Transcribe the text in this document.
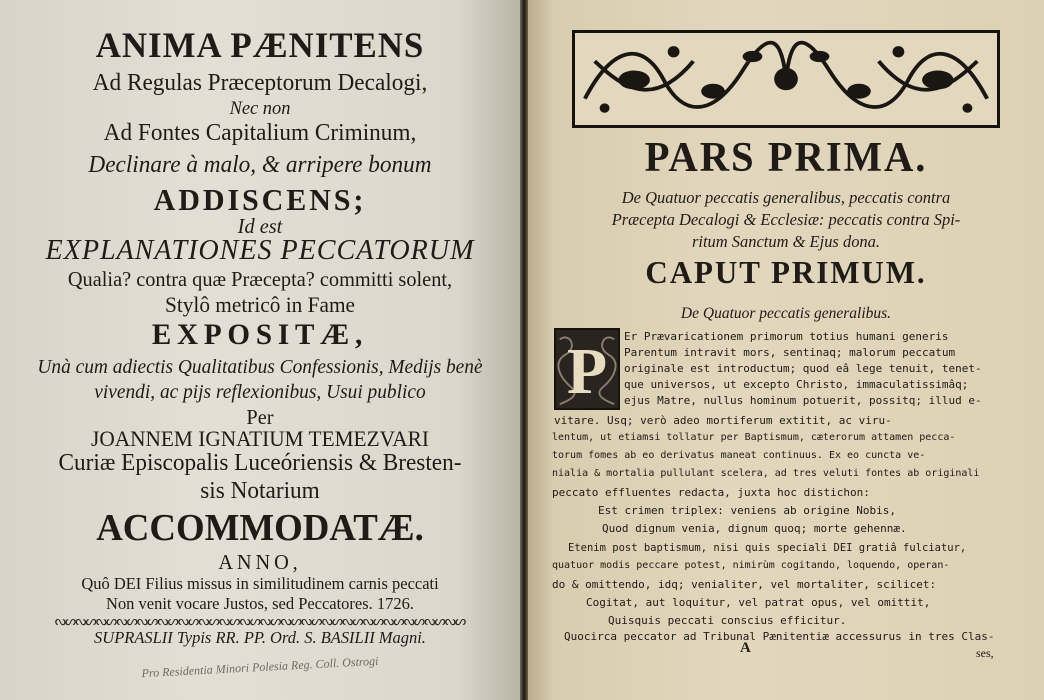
ANIMA PÆNITENS
Ad Regulas Præceptorum Decalogi,
Nec non
Ad Fontes Capitalium Criminum,
Declinare à malo, & arripere bonum
ADDISCENS;
Id est
EXPLANATIONES PECCATORUM
Qualia? contra quæ Præcepta? committi solent,
Stylô metricô in Fame
EXPOSITÆ,
Unà cum adiectis Qualitatibus Confessionis, Medijs benè
vivendi, ac pijs reflexionibus, Usui publico
Per
JOANNEM IGNATIUM TEMEZVARI
Curiæ Episcopalis Luceóriensis & Bresten-
sis Notarium
ACCOMMODATÆ.
ANNO,
Quô DEI Filius missus in similitudinem carnis peccati
Non venit vocare Justos, sed Peccatores. 1726.
ᔓᔕᔓᔕᔓᔕᔓᔕᔓᔕᔓᔕᔓᔕᔓᔕᔓᔕᔓᔕᔓᔕᔓᔕᔓᔕᔓᔕᔓᔕᔓᔕᔓᔕᔓᔕᔓᔕᔓᔕ
SUPRASLII Typis RR. PP. Ord. S. BASILII Magni.
Pro Residentia Minori Polesia Reg. Coll. Ostrogi
PARS PRIMA.
De Quatuor peccatis generalibus, peccatis contra
Præcepta Decalogi & Ecclesiæ: peccatis contra Spi-
ritum Sanctum & Ejus dona.
CAPUT PRIMUM.
De Quatuor peccatis generalibus.
P	Er Prævaricationem primorum totius humani generis
Parentum intravit mors, sentinaq; malorum peccatum
originale est introductum; quod eâ lege tenuit, tenet-
que universos, ut excepto Christo, immaculatissimâq;
ejus Matre, nullus hominum potuerit, possitq; illud e-
vitare. Usq; verò adeo mortiferum extitit, ac viru-
lentum, ut etiamsi tollatur per Baptismum, cæterorum attamen pecca-
torum fomes ab eo derivatus maneat continuus. Ex eo cuncta ve-
nialia & mortalia pullulant scelera, ad tres veluti fontes ab originali
peccato effluentes redacta, juxta hoc distichon:
Est crimen triplex: veniens ab origine Nobis,
Quod dignum venia, dignum quoq; morte gehennæ.
Etenim post baptismum, nisi quis speciali DEI gratiâ fulciatur,
quatuor modis peccare potest, nimirùm cogitando, loquendo, operan-
do & omittendo, idq; venialiter, vel mortaliter, scilicet:
Cogitat, aut loquitur, vel patrat opus, vel omittit,
Quisquis peccati conscius efficitur.
Quocirca peccator ad Tribunal Pænitentiæ accessurus in tres Clas-
A	ses,
